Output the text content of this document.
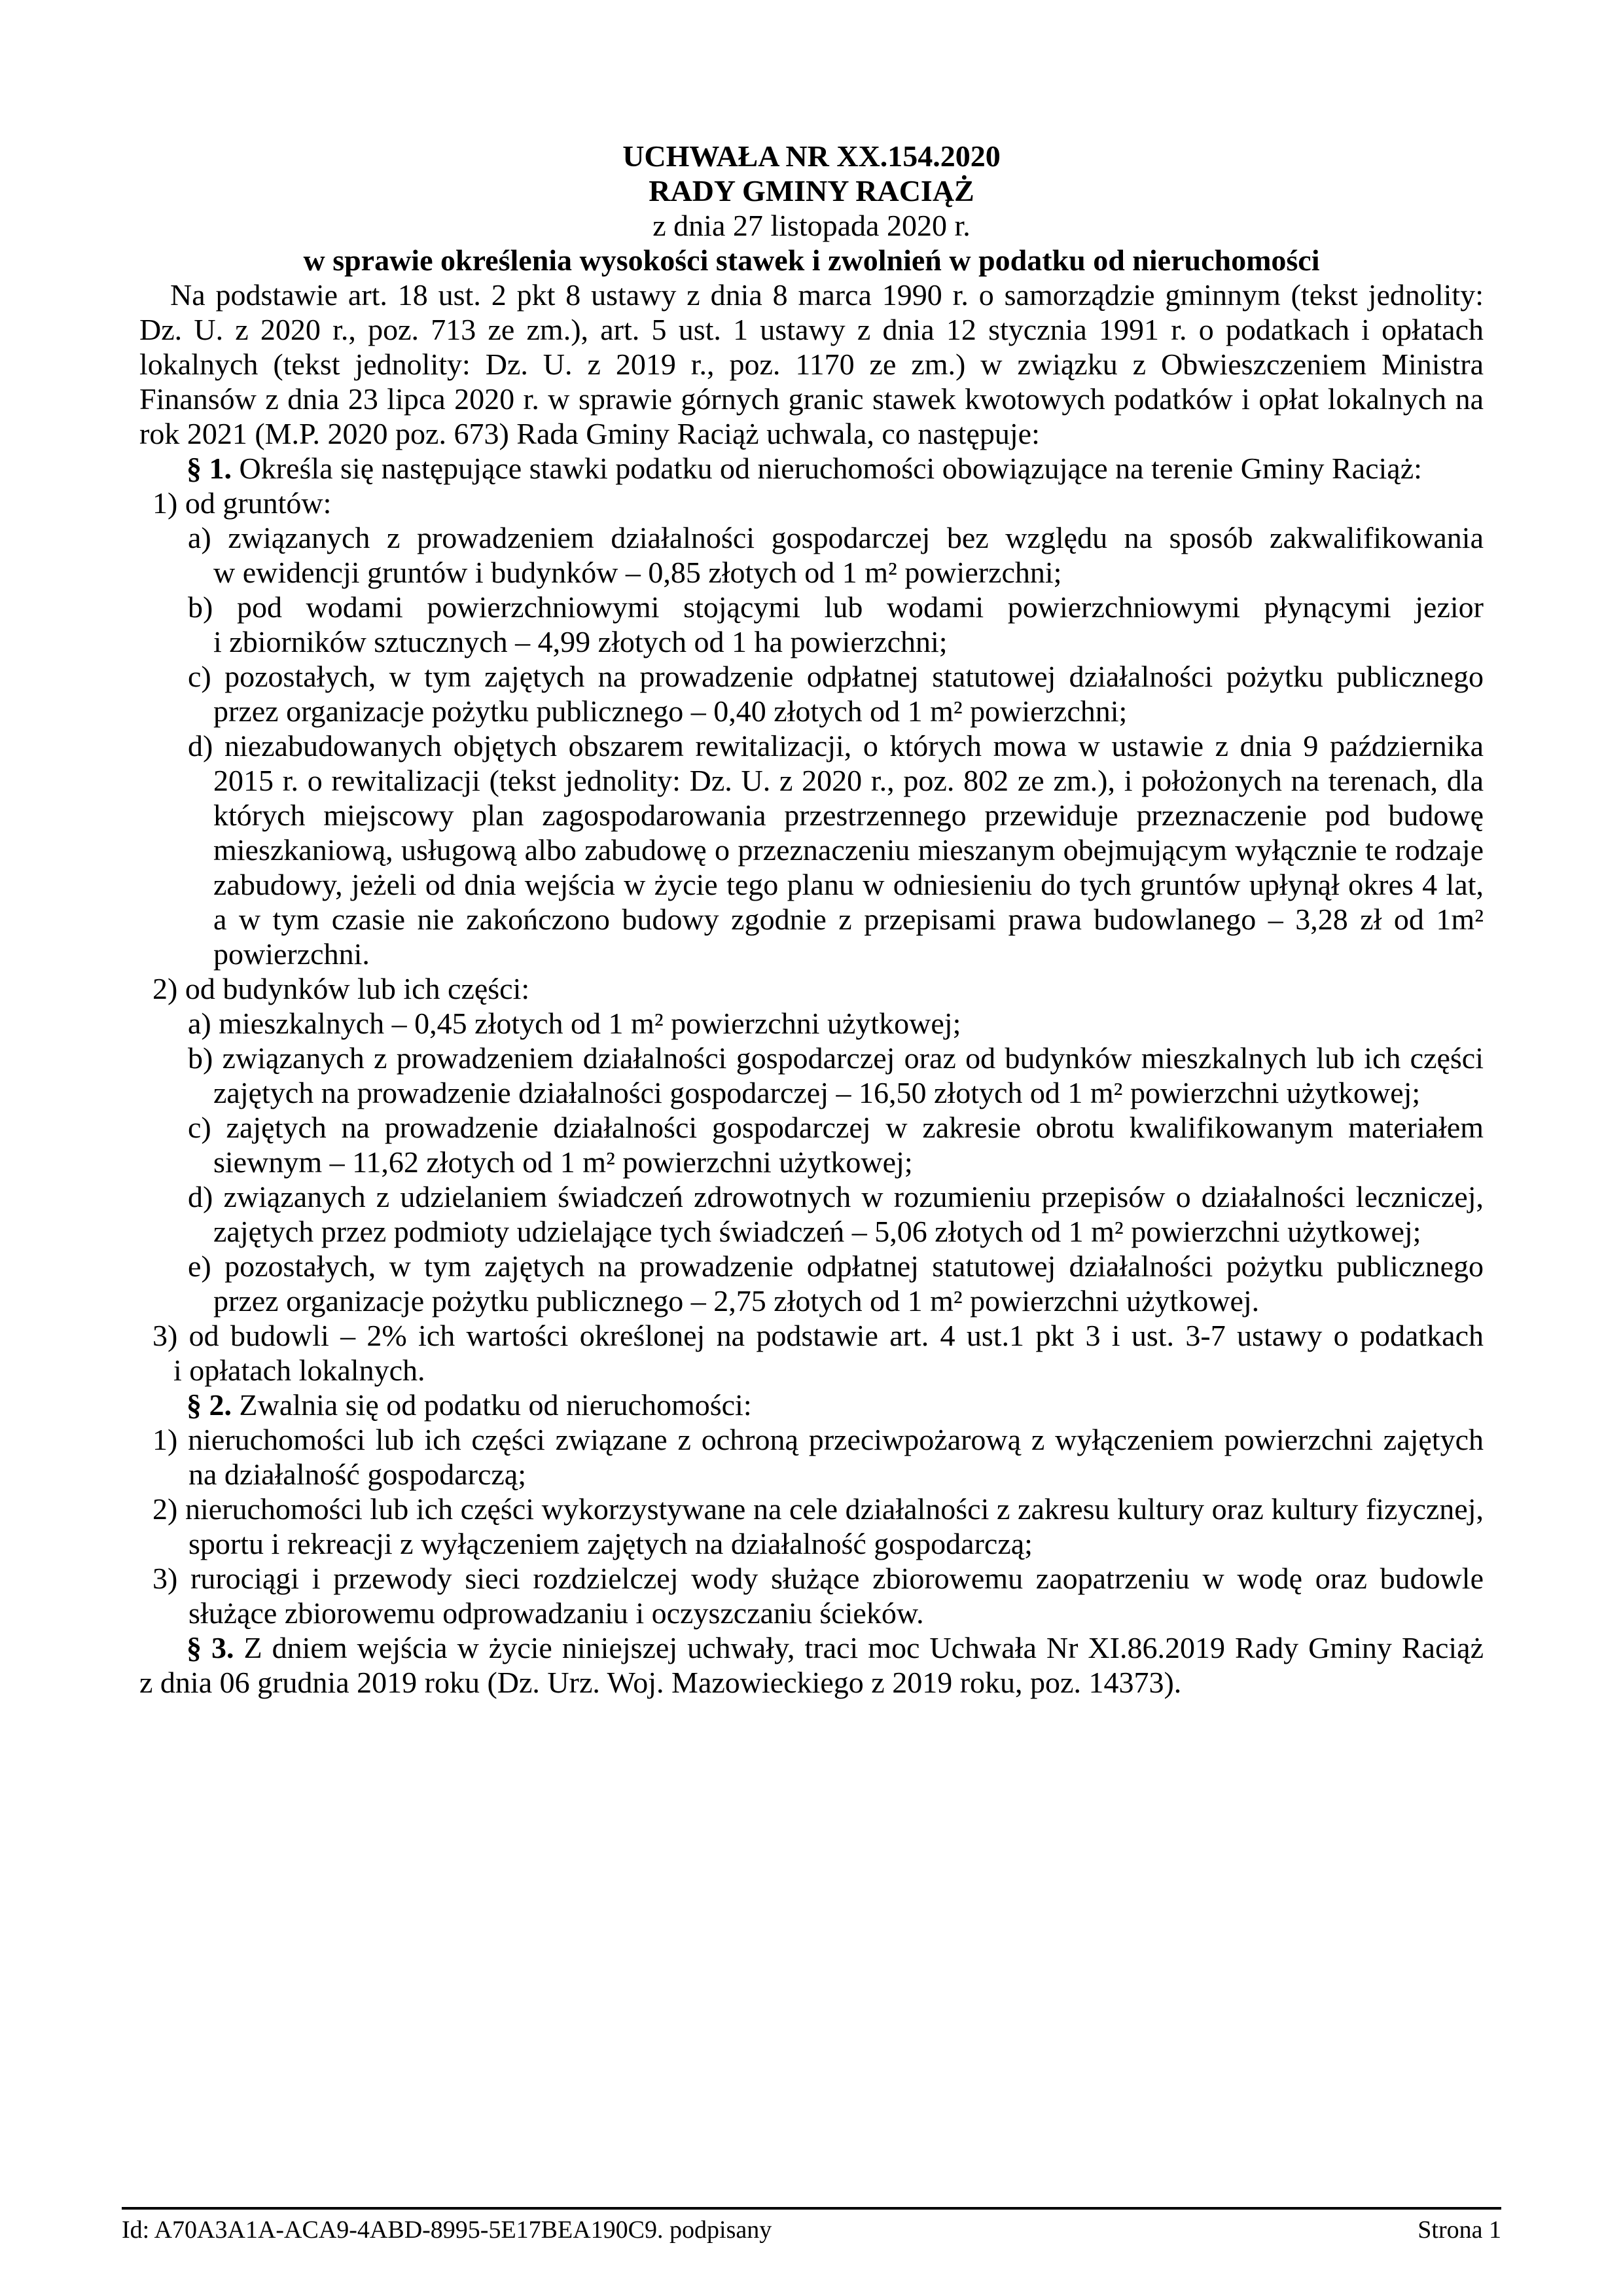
UCHWAŁA NR XX.154.2020
RADY GMINY RACIĄŻ

z dnia 27 listopada 2020 r.

w sprawie określenia wysokości stawek i zwolnień w podatku od nieruchomości

Na podstawie art. 18 ust. 2 pkt 8 ustawy z dnia 8 marca 1990 r. o samorządzie gminnym (tekst jednolity: Dz. U. z 2020 r., poz. 713 ze zm.), art. 5 ust. 1 ustawy z dnia 12 stycznia 1991 r. o podatkach i opłatach lokalnych (tekst jednolity: Dz. U. z 2019 r., poz. 1170 ze zm.) w związku z Obwieszczeniem Ministra Finansów z dnia 23 lipca 2020 r. w sprawie górnych granic stawek kwotowych podatków i opłat lokalnych na rok 2021 (M.P. 2020 poz. 673) Rada Gminy Raciąż uchwala, co następuje:

§ 1. Określa się następujące stawki podatku od nieruchomości obowiązujące na terenie Gminy Raciąż:

1) od gruntów:

a) związanych z prowadzeniem działalności gospodarczej bez względu na sposób zakwalifikowania w ewidencji gruntów i budynków – 0,85 złotych od 1 m² powierzchni;

b) pod wodami powierzchniowymi stojącymi lub wodami powierzchniowymi płynącymi jezior i zbiorników sztucznych – 4,99 złotych od 1 ha powierzchni;

c) pozostałych, w tym zajętych na prowadzenie odpłatnej statutowej działalności pożytku publicznego przez organizacje pożytku publicznego – 0,40 złotych od 1 m² powierzchni;

d) niezabudowanych objętych obszarem rewitalizacji, o których mowa w ustawie z dnia 9 października 2015 r. o rewitalizacji (tekst jednolity: Dz. U. z 2020 r., poz. 802 ze zm.), i położonych na terenach, dla których miejscowy plan zagospodarowania przestrzennego przewiduje przeznaczenie pod budowę mieszkaniową, usługową albo zabudowę o przeznaczeniu mieszanym obejmującym wyłącznie te rodzaje zabudowy, jeżeli od dnia wejścia w życie tego planu w odniesieniu do tych gruntów upłynął okres 4 lat, a w tym czasie nie zakończono budowy zgodnie z przepisami prawa budowlanego – 3,28 zł od 1m² powierzchni.

2) od budynków lub ich części:

a) mieszkalnych – 0,45 złotych od 1 m² powierzchni użytkowej;

b) związanych z prowadzeniem działalności gospodarczej oraz od budynków mieszkalnych lub ich części zajętych na prowadzenie działalności gospodarczej – 16,50 złotych od 1 m² powierzchni użytkowej;

c) zajętych na prowadzenie działalności gospodarczej w zakresie obrotu kwalifikowanym materiałem siewnym – 11,62 złotych od 1 m² powierzchni użytkowej;

d) związanych z udzielaniem świadczeń zdrowotnych w rozumieniu przepisów o działalności leczniczej, zajętych przez podmioty udzielające tych świadczeń – 5,06 złotych od 1 m² powierzchni użytkowej;

e) pozostałych, w tym zajętych na prowadzenie odpłatnej statutowej działalności pożytku publicznego przez organizacje pożytku publicznego – 2,75 złotych od 1 m² powierzchni użytkowej.

3) od budowli – 2% ich wartości określonej na podstawie art. 4 ust.1 pkt 3 i ust. 3-7 ustawy o podatkach i opłatach lokalnych.

§ 2. Zwalnia się od podatku od nieruchomości:

1) nieruchomości lub ich części związane z ochroną przeciwpożarową z wyłączeniem powierzchni zajętych na działalność gospodarczą;

2) nieruchomości lub ich części wykorzystywane na cele działalności z zakresu kultury oraz kultury fizycznej, sportu i rekreacji z wyłączeniem zajętych na działalność gospodarczą;

3) rurociągi i przewody sieci rozdzielczej wody służące zbiorowemu zaopatrzeniu w wodę oraz budowle służące zbiorowemu odprowadzaniu i oczyszczaniu ścieków.

§ 3. Z dniem wejścia w życie niniejszej uchwały, traci moc Uchwała Nr XI.86.2019 Rady Gminy Raciąż z dnia 06 grudnia 2019 roku (Dz. Urz. Woj. Mazowieckiego z 2019 roku, poz. 14373).

Id: A70A3A1A-ACA9-4ABD-8995-5E17BEA190C9. podpisany	Strona 1
